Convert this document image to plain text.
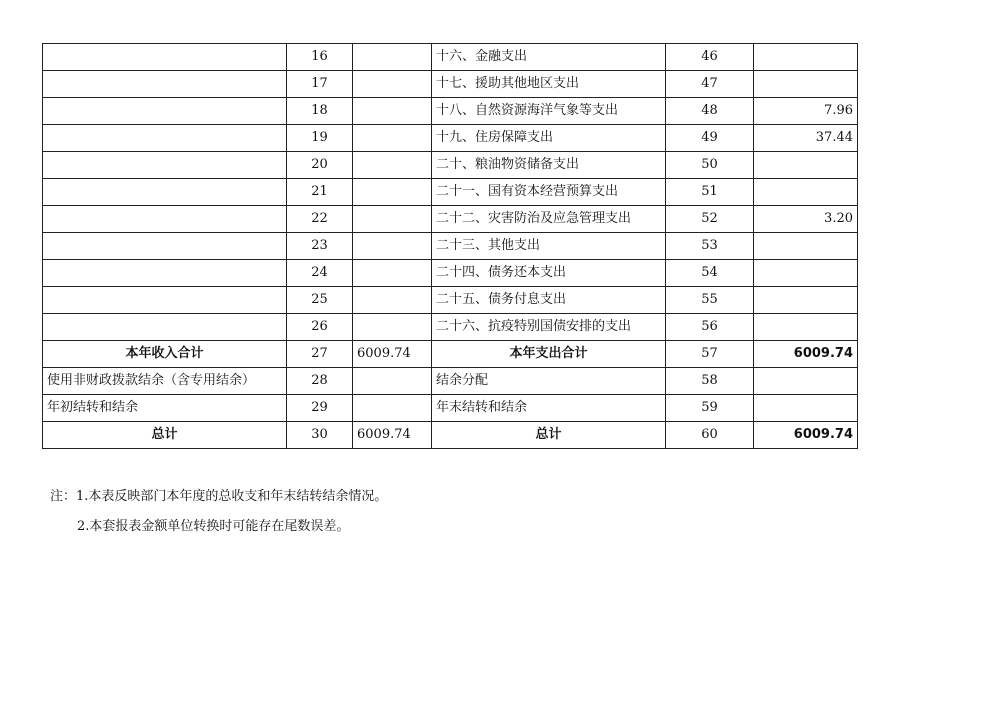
	16		十六、金融支出	46	
	17		十七、援助其他地区支出	47	
	18		十八、自然资源海洋气象等支出	48	7.96
	19		十九、住房保障支出	49	37.44
	20		二十、粮油物资储备支出	50	
	21		二十一、国有资本经营预算支出	51	
	22		二十二、灾害防治及应急管理支出	52	3.20
	23		二十三、其他支出	53	
	24		二十四、债务还本支出	54	
	25		二十五、债务付息支出	55	
	26		二十六、抗疫特别国债安排的支出	56	
本年收入合计	27	6009.74	本年支出合计	57	6009.74
使用非财政拨款结余（含专用结余）	28		结余分配	58	
年初结转和结余	29		年末结转和结余	59	
总计	30	6009.74	总计	60	6009.74
注：1.本表反映部门本年度的总收支和年末结转结余情况。
2.本套报表金额单位转换时可能存在尾数误差。
